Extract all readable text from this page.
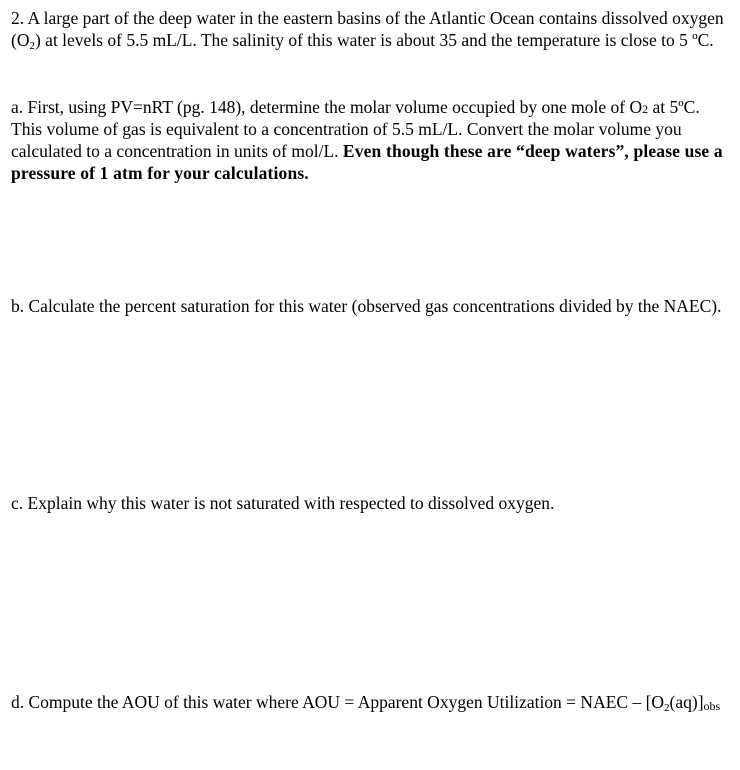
2. A large part of the deep water in the eastern basins of the Atlantic Ocean contains dissolved oxygen (O2) at levels of 5.5 mL/L. The salinity of this water is about 35 and the temperature is close to 5 ºC.

a. First, using PV=nRT (pg. 148), determine the molar volume occupied by one mole of O2 at 5ºC. This volume of gas is equivalent to a concentration of 5.5 mL/L. Convert the molar volume you calculated to a concentration in units of mol/L. Even though these are “deep waters”, please use a pressure of 1 atm for your calculations.

b. Calculate the percent saturation for this water (observed gas concentrations divided by the NAEC).

c. Explain why this water is not saturated with respected to dissolved oxygen.

d. Compute the AOU of this water where AOU = Apparent Oxygen Utilization = NAEC – [O2(aq)]obs
